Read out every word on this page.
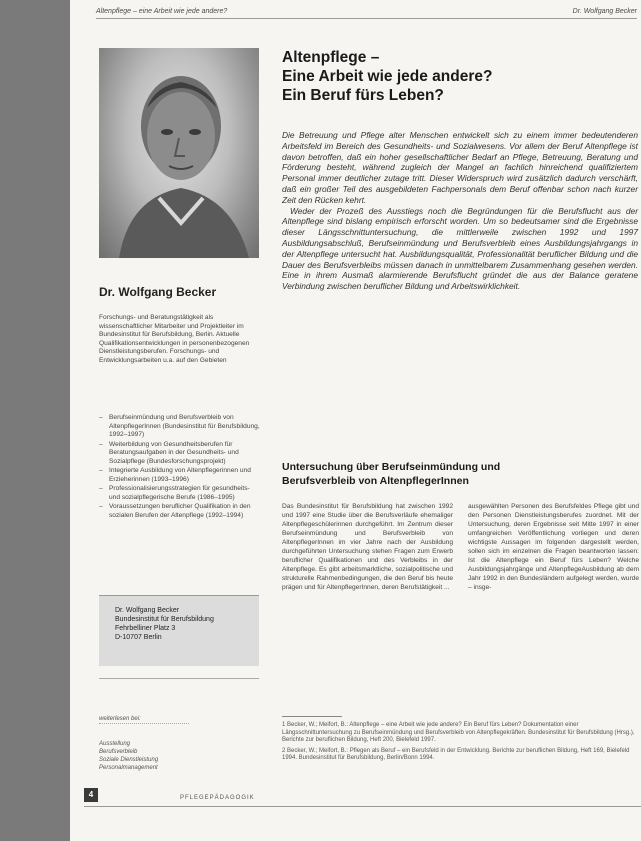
Altenpflege – eine Arbeit wie jede andere?	Dr. Wolfgang Becker
Dr. Wolfgang Becker
Forschungs- und Beratungstätigkeit als wissenschaftlicher Mitarbeiter und Projektleiter im Bundesinstitut für Berufsbildung, Berlin. Aktuelle Qualifikationsentwicklungen in personenbezogenen Dienstleistungsberufen. Forschungs- und Entwicklungsarbeiten u.a. auf den Gebieten
– Berufseinmündung und Berufsverbleib von AltenpflegerInnen (Bundesinstitut für Berufsbildung, 1992–1997)
– Weiterbildung von Gesundheitsberufen für Beratungsaufgaben in der Gesundheits- und Sozialpflege (Bundesforschungsprojekt)
– Integrierte Ausbildung von Altenpflegerinnen und Erzieherinnen (1993–1996)
– Professionalisierungsstrategien für gesundheits- und sozialpflegerische Berufe (1986–1995)
– Voraussetzungen beruflicher Qualifikation in den sozialen Berufen der Altenpflege (1992–1994)
Dr. Wolfgang Becker
Bundesinstitut für Berufsbildung
Fehrbelliner Platz 3
D-10707 Berlin
weiterlesen bei:
Ausstellung
Berufsverbleib
Soziale Dienstleistung
Personalmanagement
Altenpflege –
Eine Arbeit wie jede andere?
Ein Beruf fürs Leben?

Die Betreuung und Pflege alter Menschen entwickelt sich zu einem immer bedeutenderen Arbeitsfeld im Bereich des Gesundheits- und Sozialwesens. Vor allem der Beruf Altenpflege ist davon betroffen, daß ein hoher gesellschaftlicher Bedarf an Pflege, Betreuung, Beratung und Förderung besteht, während zugleich der Mangel an fachlich hinreichend qualifiziertem Personal immer deutlicher zutage tritt. Dieser Widerspruch wird zusätzlich dadurch verschärft, daß ein großer Teil des ausgebildeten Fachpersonals dem Beruf offenbar schon nach kurzer Zeit den Rücken kehrt.

Weder der Prozeß des Ausstiegs noch die Begründungen für die Berufsflucht aus der Altenpflege sind bislang empirisch erforscht worden. Um so bedeutsamer sind die Ergebnisse dieser Längsschnittuntersuchung, die mittlerweile zwischen 1992 und 1997 Ausbildungsabschluß, Berufseinmündung und Berufsverbleib eines Ausbildungsjahrgangs in der Altenpflege untersucht hat. Ausbildungsqualität, Professionalität beruflicher Bildung und die Dauer des Berufsverbleibs müssen danach in unmittelbarem Zusammenhang gesehen werden. Eine in ihrem Ausmaß alarmierende Berufsflucht gründet die aus der Balance geratene Verbindung zwischen beruflicher Bildung und Arbeitswirklichkeit.

Untersuchung über Berufseinmündung und
Berufsverbleib von AltenpflegerInnen
Das Bundesinstitut für Berufsbildung hat zwischen 1992 und 1997 eine Studie über die Berufsverläufe ehemaliger Altenpflegeschülerinnen durchgeführt. Im Zentrum dieser Berufseinmündung und Berufsverbleib von AltenpflegerInnen im vier Jahre nach der Ausbildung durchgeführten Untersuchung stehen Fragen zum Erwerb beruflicher Qualifikationen und des Verbleibs in der Altenpflege. Es gibt arbeitsmarktliche, sozialpolitische und strukturelle Rahmenbedingungen, die den Beruf bis heute prägen und für AltenpflegerInnen, deren Berufstätigkeit ...
ausgewählten Personen des Berufsfeldes Pflege gibt und den Personen Dienstleistungsberufes zuordnet. Mit der Untersuchung, deren Ergebnisse seit Mitte 1997 in einer umfangreichen Veröffentlichung vorliegen und deren wichtigste Aussagen im folgenden dargestellt werden, sollen sich im einzelnen die Fragen beantworten lassen: Ist die Altenpflege ein Beruf fürs Leben? Welche Ausbildungsjahrgänge und AltenpflegeAusbildung ab dem Jahr 1992 in den Bundesländern aufgelegt werden, wurde – insge-
1 Becker, W.; Meifort, B.: Altenpflege – eine Arbeit wie jede andere? Ein Beruf fürs Leben? Dokumentation einer Längsschnittuntersuchung zu Berufseinmündung und Berufsverbleib von Altenpflegekräften. Bundesinstitut für Berufsbildung (Hrsg.), Berichte zur beruflichen Bildung, Heft 200, Bielefeld 1997.
2 Becker, W.; Meifort, B.: Pflegen als Beruf – ein Berufsfeld in der Entwicklung. Berichte zur beruflichen Bildung, Heft 169, Bielefeld 1994. Bundesinstitut für Berufsbildung, Berlin/Bonn 1994.
4	PFLEGEPÄDAGOGIK
